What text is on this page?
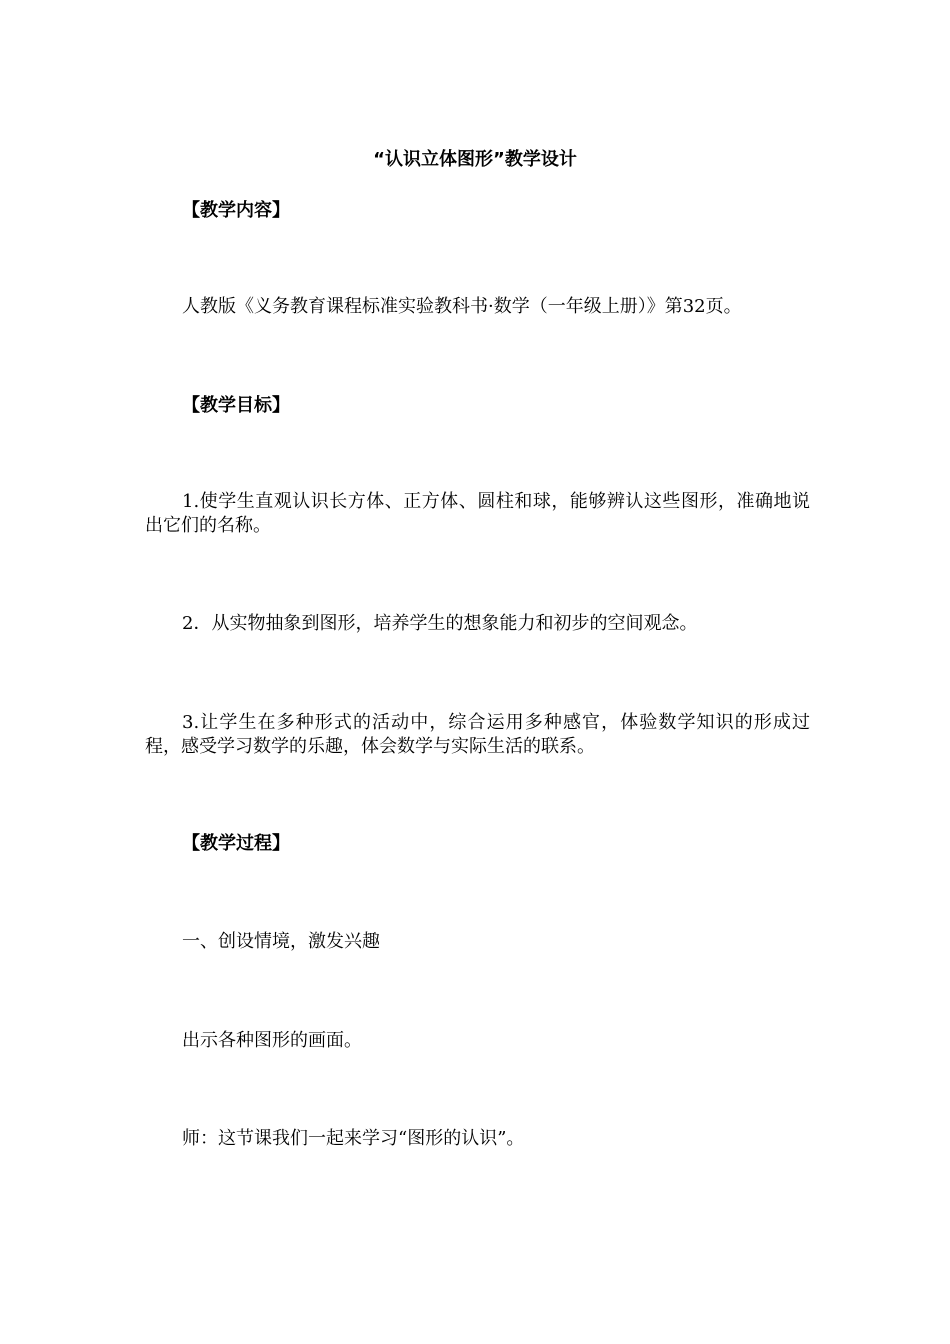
“认识立体图形”教学设计
【教学内容】
人教版《义务教育课程标准实验教科书·数学（一年级上册）》第32页。
【教学目标】
1.使学生直观认识长方体、正方体、圆柱和球，能够辨认这些图形，准确地说出它们的名称。
2．从实物抽象到图形，培养学生的想象能力和初步的空间观念。
3.让学生在多种形式的活动中，综合运用多种感官，体验数学知识的形成过程，感受学习数学的乐趣，体会数学与实际生活的联系。
【教学过程】
一、创设情境，激发兴趣
出示各种图形的画面。
师：这节课我们一起来学习“图形的认识”。
